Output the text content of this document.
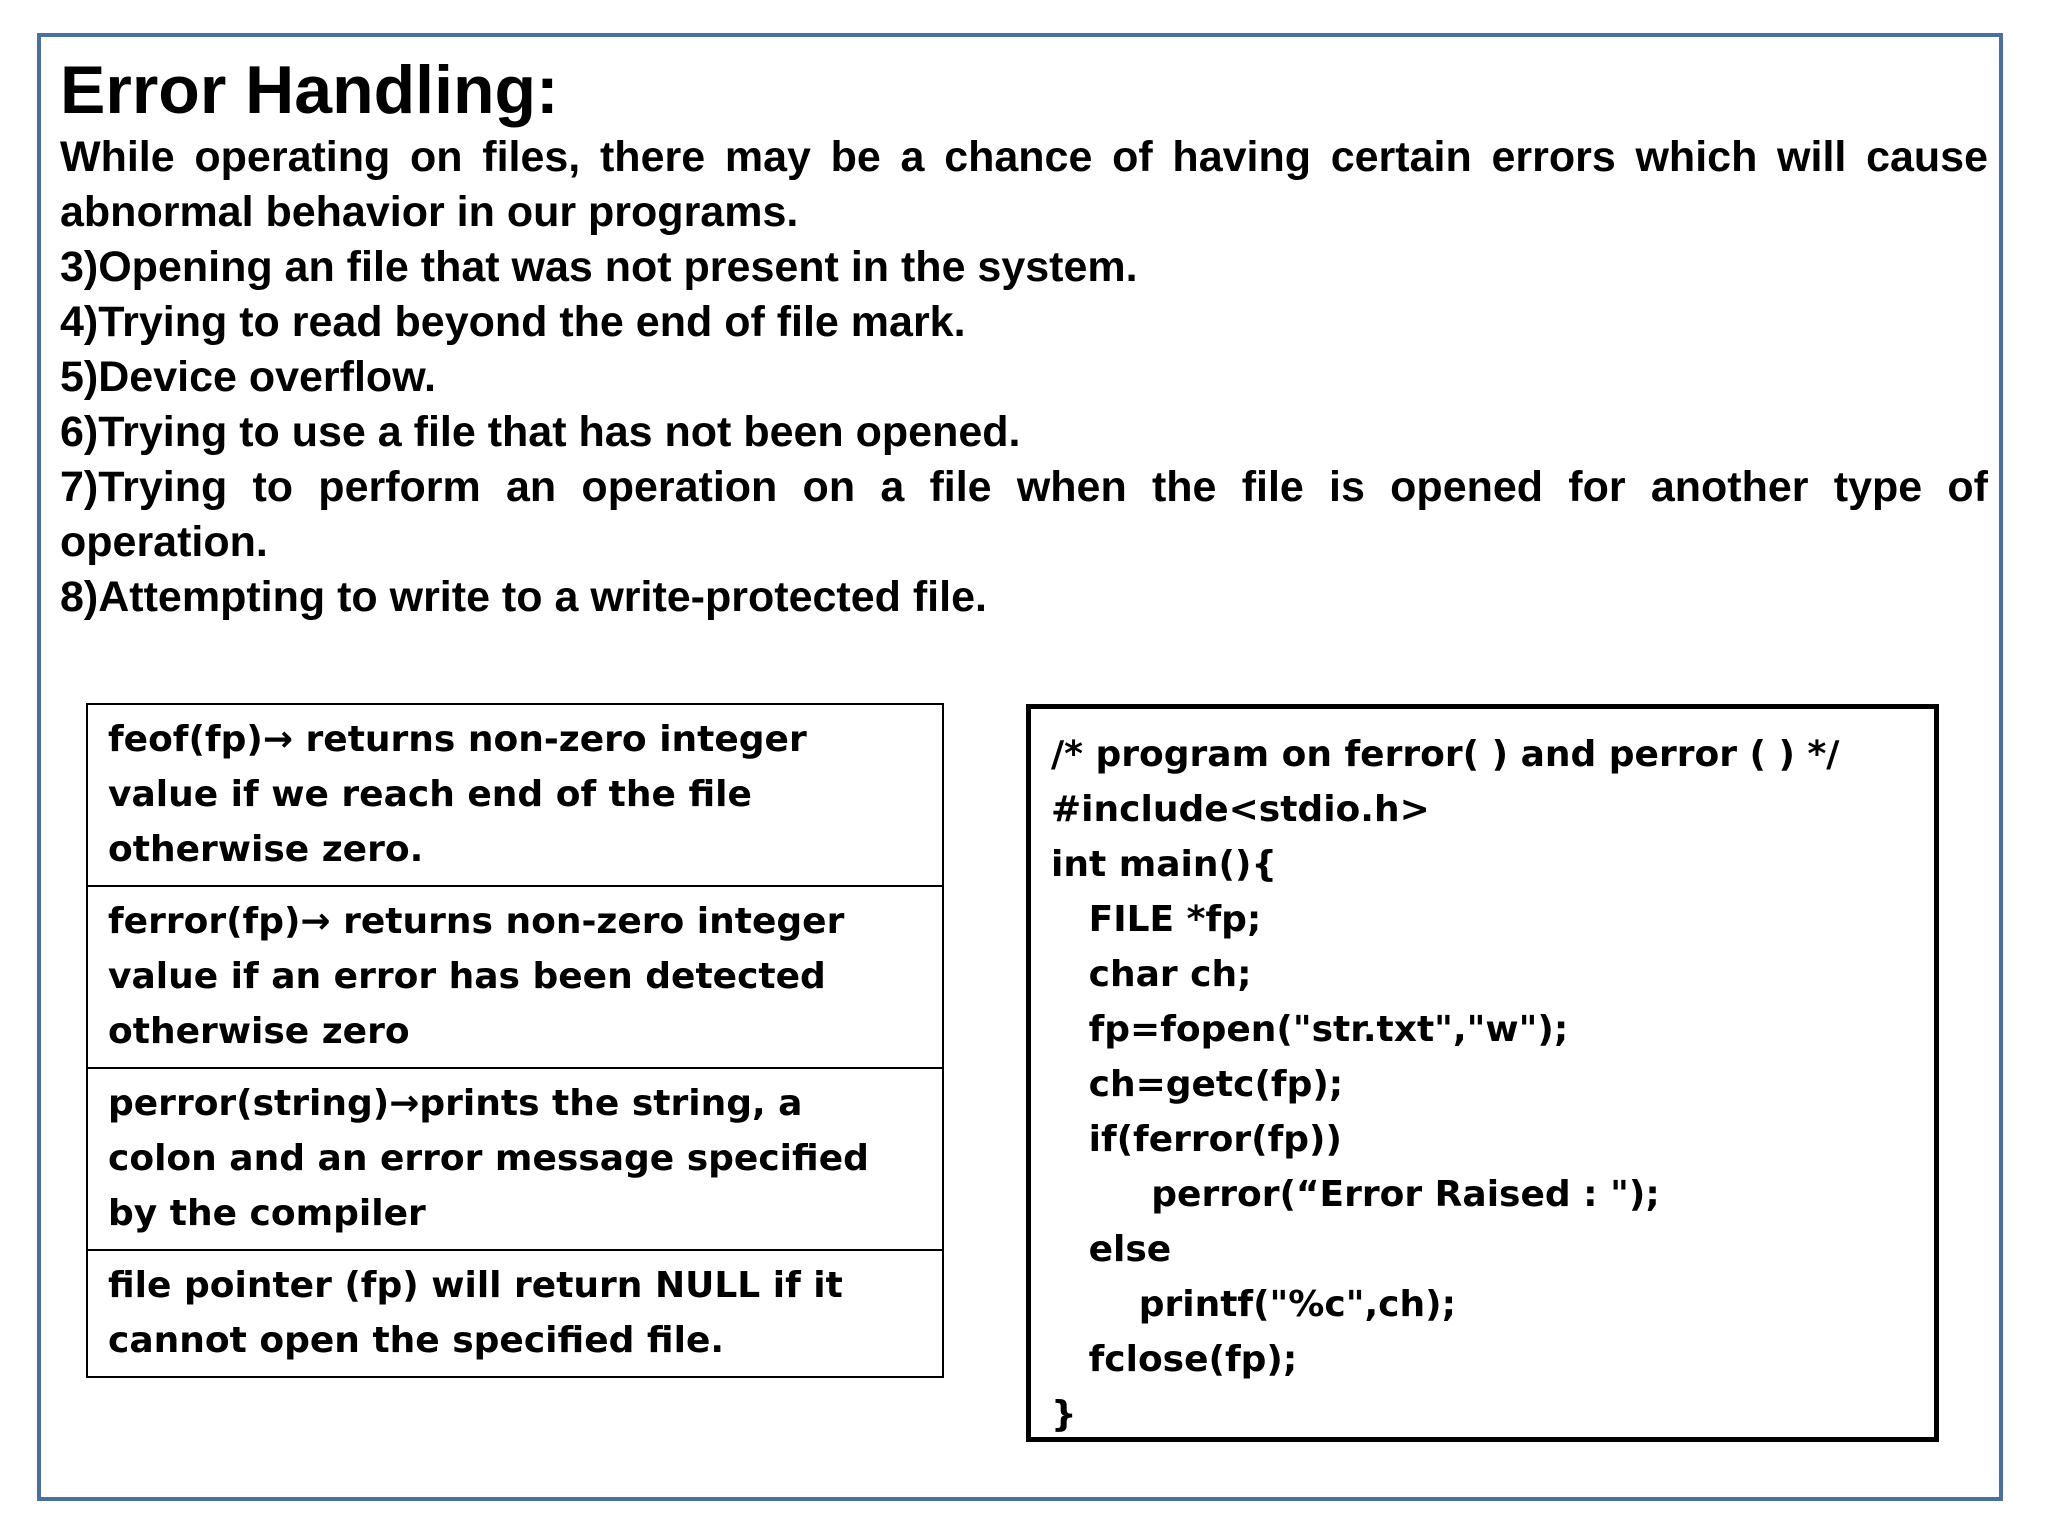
Error Handling:

While operating on files, there may be a chance of having certain errors which will cause abnormal behavior in our programs.

3)Opening an file that was not present in the system.

4)Trying to read beyond the end of file mark.

5)Device overflow.

6)Trying to use a file that has not been opened.

7)Trying to perform an operation on a file when the file is opened for another type of operation.

8)Attempting to write to a write-protected file.

feof(fp)→ returns non-zero integer value if we reach end of the file otherwise zero.
ferror(fp)→ returns non-zero integer value if an error has been detected otherwise zero
perror(string)→prints the string, a colon and an error message specified by the compiler
file pointer (fp) will return NULL if it cannot open the specified file.
/* program on ferror( ) and perror ( ) */
#include<stdio.h>
int main(){
FILE *fp;
char ch;
fp=fopen("str.txt","w");
ch=getc(fp);
if(ferror(fp))
perror(“Error Raised : ");
else
printf("%c",ch);
fclose(fp);
}
